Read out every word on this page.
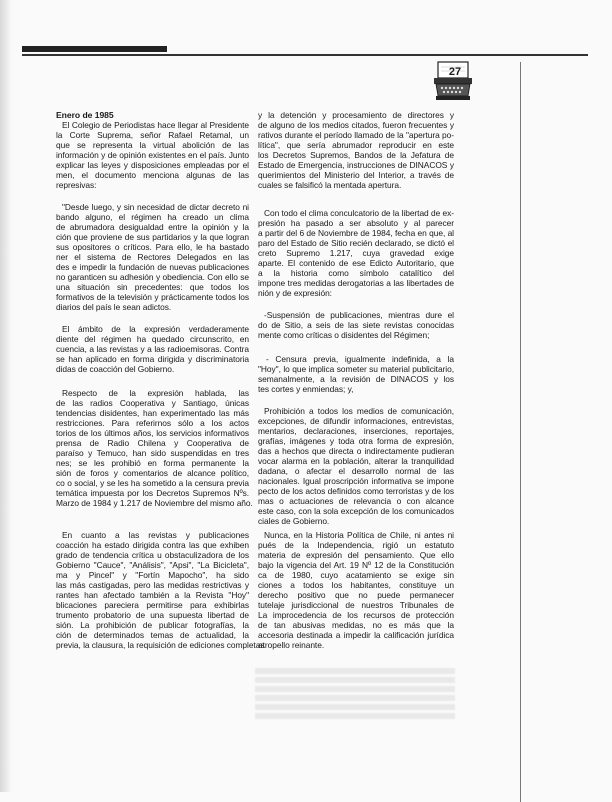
27
Enero de 1985
El Colegio de Periodistas hace llegar al Presidente
la Corte Suprema, señor Rafael Retamal, un
que se representa la virtual abolición de las
información y de opinión existentes en el país. Junto
explicar las leyes y disposiciones empleadas por el
men, el documento menciona algunas de las
represivas:
"Desde luego, y sin necesidad de dictar decreto ni
bando alguno, el régimen ha creado un clima
de abrumadora desigualdad entre la opinión y la
ción que proviene de sus partidarios y la que logran
sus opositores o críticos. Para ello, le ha bastado
ner el sistema de Rectores Delegados en las
des e impedir la fundación de nuevas publicaciones
no garanticen su adhesión y obediencia. Con ello se
una situación sin precedentes: que todos los
formativos de la televisión y prácticamente todos los
diarios del país le sean adictos.
El ámbito de la expresión verdaderamente
diente del régimen ha quedado circunscrito, en
cuencia, a las revistas y a las radioemisoras. Contra
se han aplicado en forma dirigida y discriminatoria
didas de coacción del Gobierno.
Respecto de la expresión hablada, las
de las radios Cooperativa y Santiago, únicas
tendencias disidentes, han experimentado las más
restricciones. Para referirnos sólo a los actos
torios de los últimos años, los servicios informativos
prensa de Radio Chilena y Cooperativa de
paraíso y Temuco, han sido suspendidas en tres
nes; se les prohibió en forma permanente la
sión de foros y comentarios de alcance político,
co o social, y se les ha sometido a la censura previa
temática impuesta por los Decretos Supremos Nºs.
Marzo de 1984 y 1.217 de Noviembre del mismo año.
En cuanto a las revistas y publicaciones
coacción ha estado dirigida contra las que exhiben
grado de tendencia crítica u obstaculizadora de los
Gobierno "Cauce", "Análisis", "Apsi", "La Bicicleta",
ma y Pincel" y "Fortín Mapocho", ha sido
las más castigadas, pero las medidas restrictivas y
rantes han afectado también a la Revista "Hoy"
blicaciones pareciera permitirse para exhibirlas
trumento probatorio de una supuesta libertad de
sión. La prohibición de publicar fotografías, la
ción de determinados temas de actualidad, la
previa, la clausura, la requisición de ediciones completas
y la detención y procesamiento de directores y
de alguno de los medios citados, fueron frecuentes y
rativos durante el período llamado de la "apertura po-
lítica", que sería abrumador reproducir en este
los Decretos Supremos, Bandos de la Jefatura de
Estado de Emergencia, instrucciones de DINACOS y
querimientos del Ministerio del Interior, a través de
cuales se falsificó la mentada apertura.
Con todo el clima conculcatorio de la libertad de ex-
presión ha pasado a ser absoluto y al parecer
a partir del 6 de Noviembre de 1984, fecha en que, al
paro del Estado de Sitio recién declarado, se dictó el
creto Supremo 1.217, cuya gravedad exige
aparte. El contenido de ese Edicto Autoritario, que
a la historia como símbolo catalítico del
impone tres medidas derogatorias a las libertades de
nión y de expresión:
-Suspensión de publicaciones, mientras dure el
do de Sitio, a seis de las siete revistas conocidas
mente como críticas o disidentes del Régimen;
- Censura previa, igualmente indefinida, a la
"Hoy", lo que implica someter su material publicitario,
semanalmente, a la revisión de DINACOS y los
tes cortes y enmiendas; y,
Prohibición a todos los medios de comunicación,
excepciones, de difundir informaciones, entrevistas,
mentarios, declaraciones, inserciones, reportajes,
grafías, imágenes y toda otra forma de expresión,
das a hechos que directa o indirectamente pudieran
vocar alarma en la población, alterar la tranquilidad
dadana, o afectar el desarrollo normal de las
nacionales. Igual proscripción informativa se impone
pecto de los actos definidos como terroristas y de los
mas o actuaciones de relevancia o con alcance
este caso, con la sola excepción de los comunicados
ciales de Gobierno.
Nunca, en la Historia Política de Chile, ni antes ni
pués de la Independencia, rigió un estatuto
materia de expresión del pensamiento. Que ello
bajo la vigencia del Art. 19 Nº 12 de la Constitución
ca de 1980, cuyo acatamiento se exige sin
ciones a todos los habitantes, constituye un
derecho positivo que no puede permanecer
tutelaje jurisdiccional de nuestros Tribunales de
La improcedencia de los recursos de protección
de tan abusivas medidas, no es más que la
accesoria destinada a impedir la calificación jurídica
atropello reinante.
